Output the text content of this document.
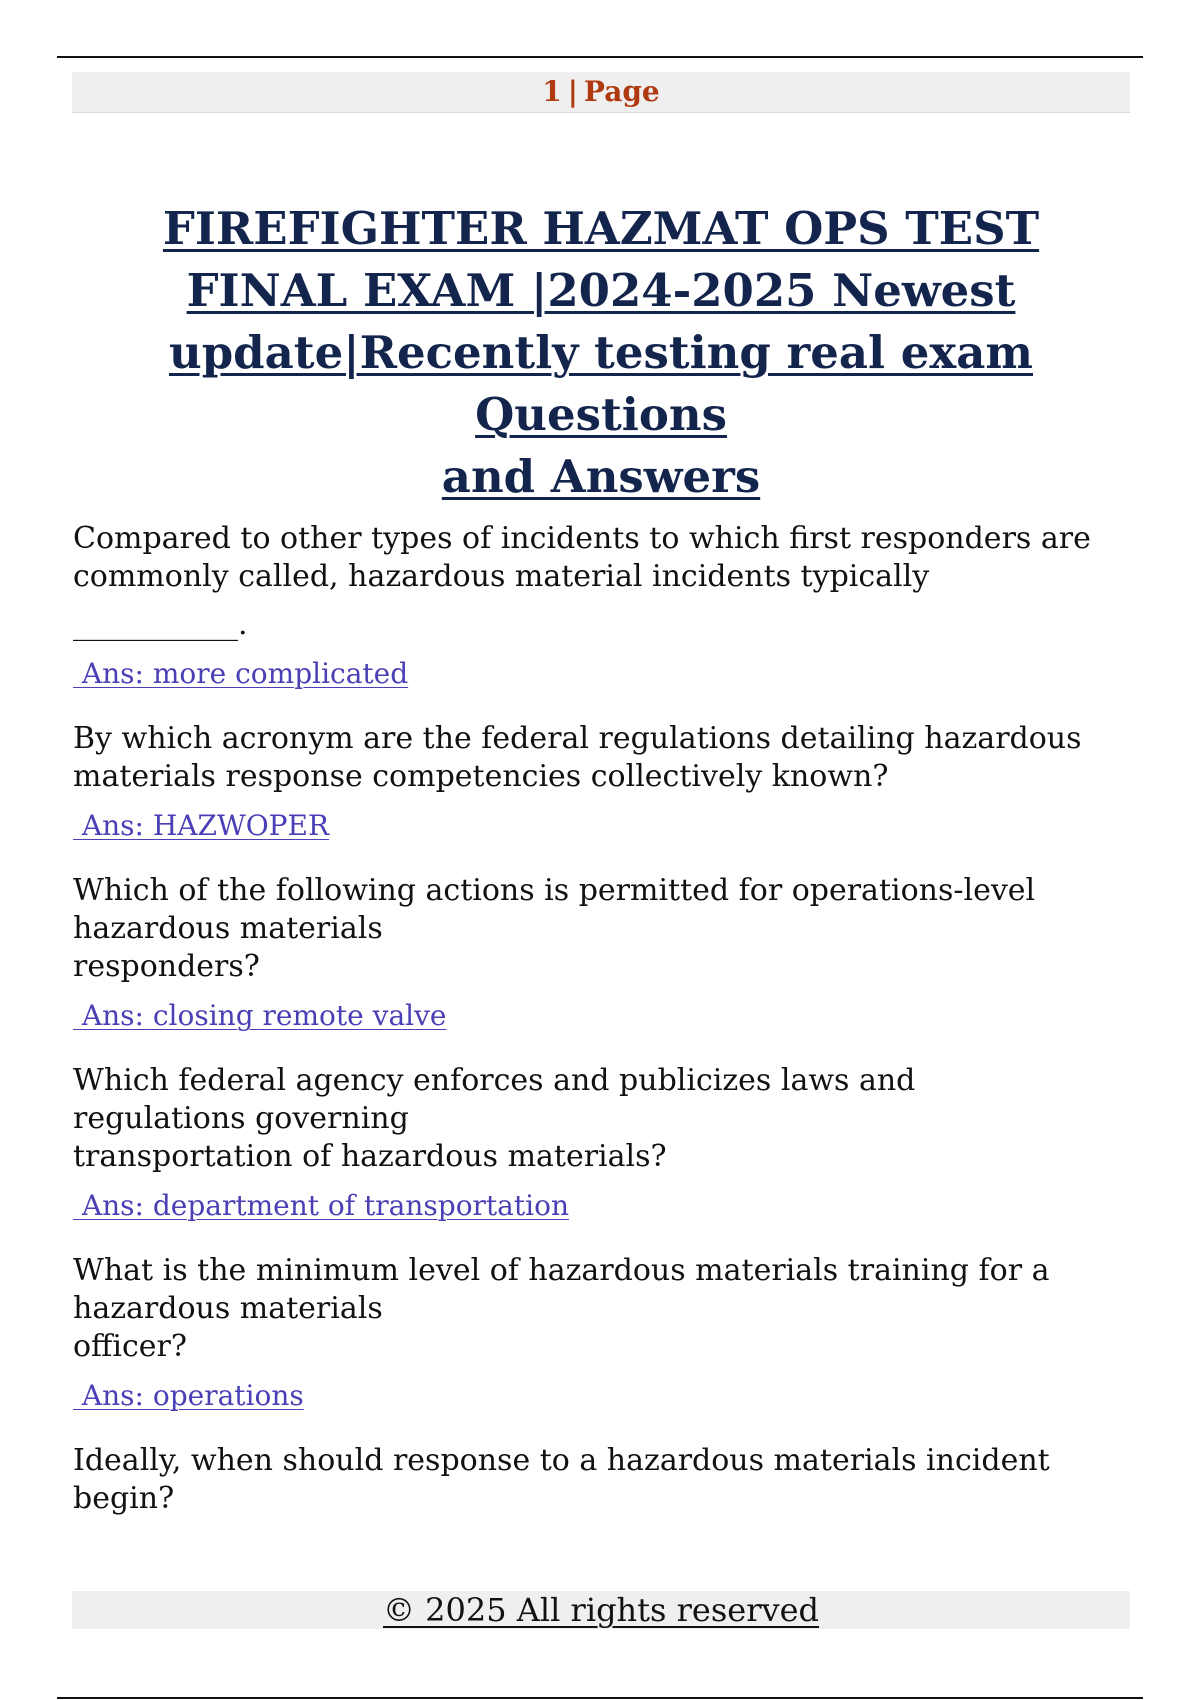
1 | Page
FIREFIGHTER HAZMAT OPS TEST
FINAL EXAM |2024-2025 Newest
update|Recently testing real exam Questions
and Answers

Compared to other types of incidents to which first responders are
commonly called, hazardous material incidents typically

___________.
Ans: more complicated

By which acronym are the federal regulations detailing hazardous
materials response competencies collectively known?

Ans: HAZWOPER

Which of the following actions is permitted for operations-level
hazardous materials
responders?

Ans: closing remote valve

Which federal agency enforces and publicizes laws and
regulations governing
transportation of hazardous materials?

Ans: department of transportation

What is the minimum level of hazardous materials training for a
hazardous materials
officer?

Ans: operations

Ideally, when should response to a hazardous materials incident
begin?

© 2025 All rights reserved
